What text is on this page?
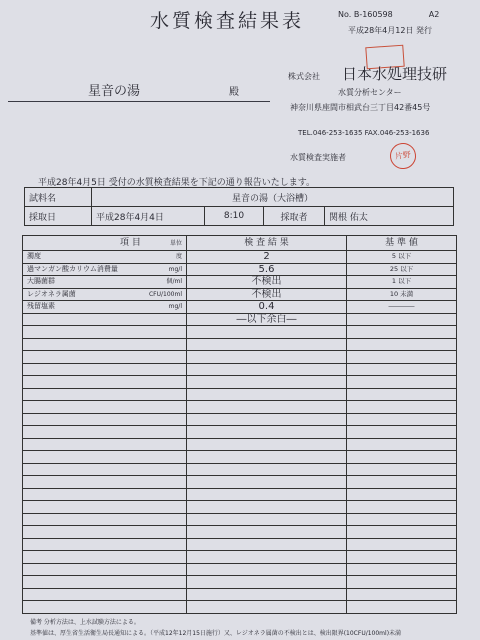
水質検査結果表	No. B-160598	A2
平成28年4月12日 発行
星音の湯	殿
株式会社 日本水処理技研
水質分析センター
神奈川県座間市相武台三丁目42番45号
TEL.046-253-1635 FAX.046-253-1636
水質検査実施者	片野
平成28年4月5日 受付の水質検査結果を下記の通り報告いたします。
試料名	星音の湯（大浴槽）			
採取日	平成28年4月4日	8:10	採取者	関根 佑太
項 目 単位	検 査 結 果	基 準 値
濁度 度	2	5 以下
過マンガン酸カリウム消費量 mg/l	5.6	25 以下
大腸菌群 個/ml	不検出	1 以下
レジオネラ属菌 CFU/100ml	不検出	10 未満
残留塩素 mg/l	0.4	――――
	―以下余白―	

備考 分析方法は、上水試験方法による。
基準値は、厚生省生活衛生局長通知による。（平成12年12月15日施行）又、レジオネラ属菌の不検出とは、検出限界(10CFU/100ml)未満
